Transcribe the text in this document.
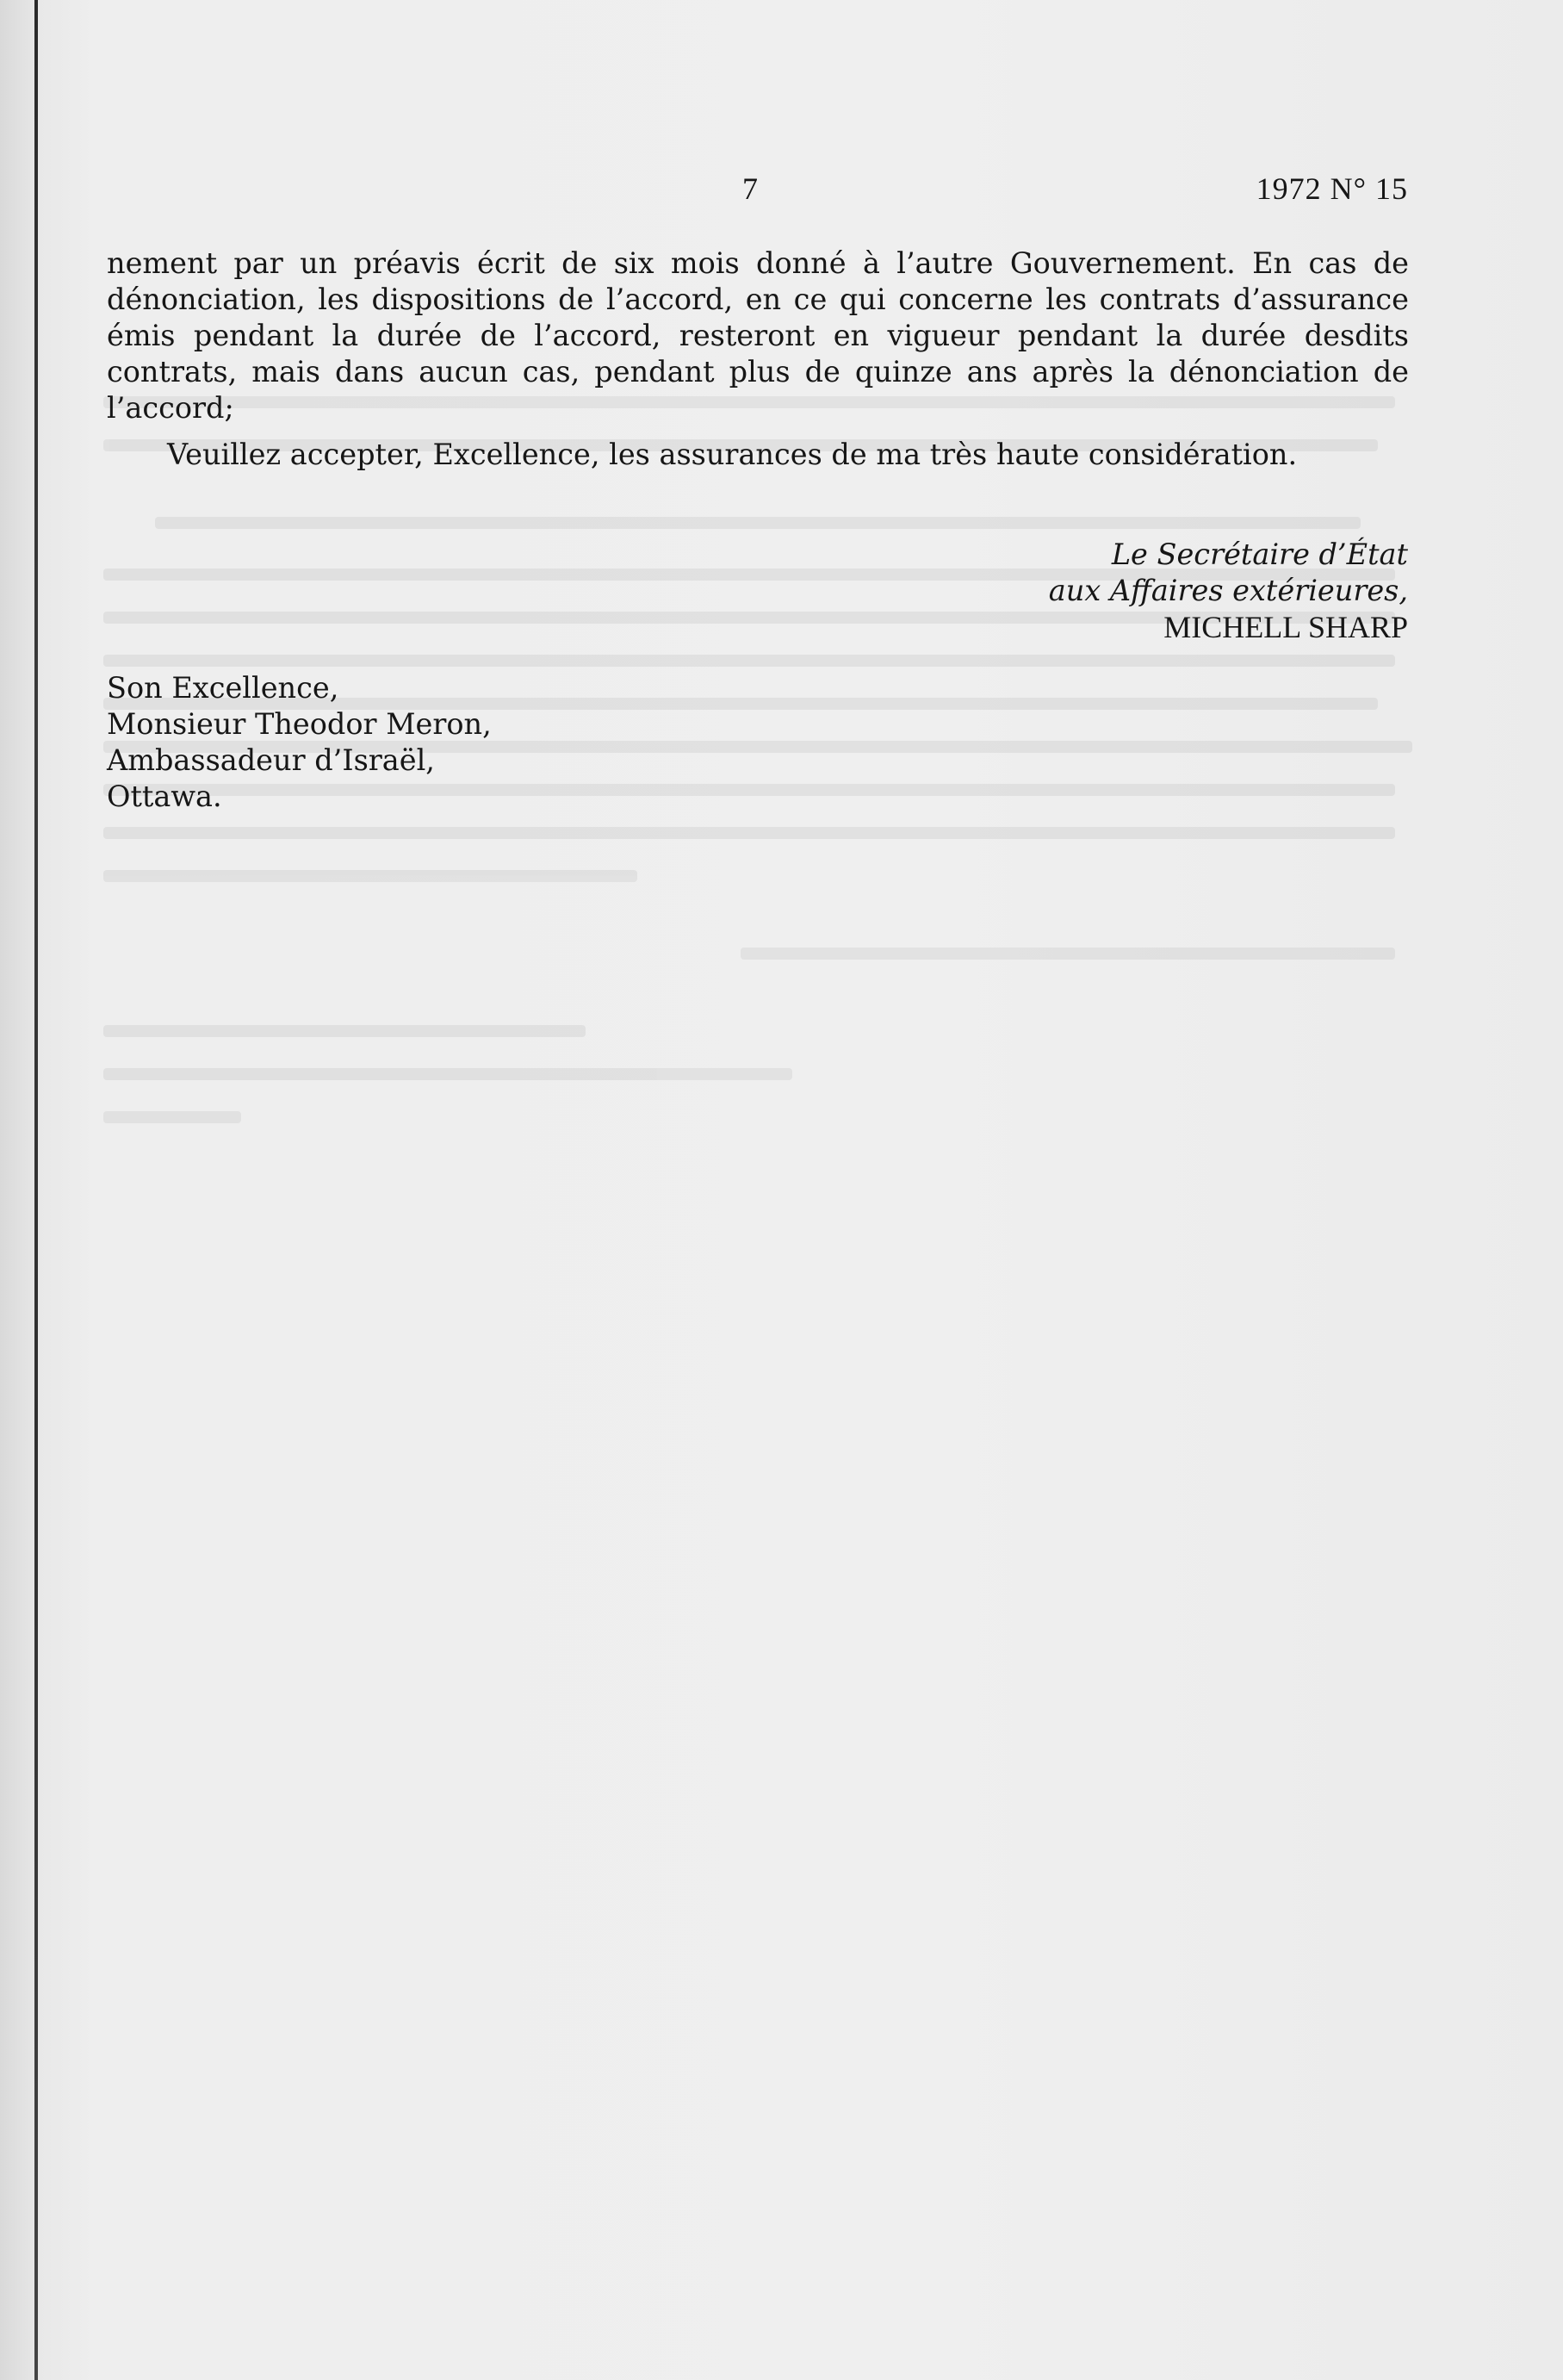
7	1972 N° 15

nement par un préavis écrit de six mois donné à l’autre Gouvernement. En cas de dénonciation, les dispositions de l’accord, en ce qui concerne les contrats d’assurance émis pendant la durée de l’accord, resteront en vigueur pendant la durée desdits contrats, mais dans aucun cas, pendant plus de quinze ans après la dénonciation de l’accord;

Veuillez accepter, Excellence, les assurances de ma très haute considération.

Le Secrétaire d’État
aux Affaires extérieures,
MICHELL SHARP
Son Excellence,
Monsieur Theodor Meron,
Ambassadeur d’Israël,
Ottawa.
